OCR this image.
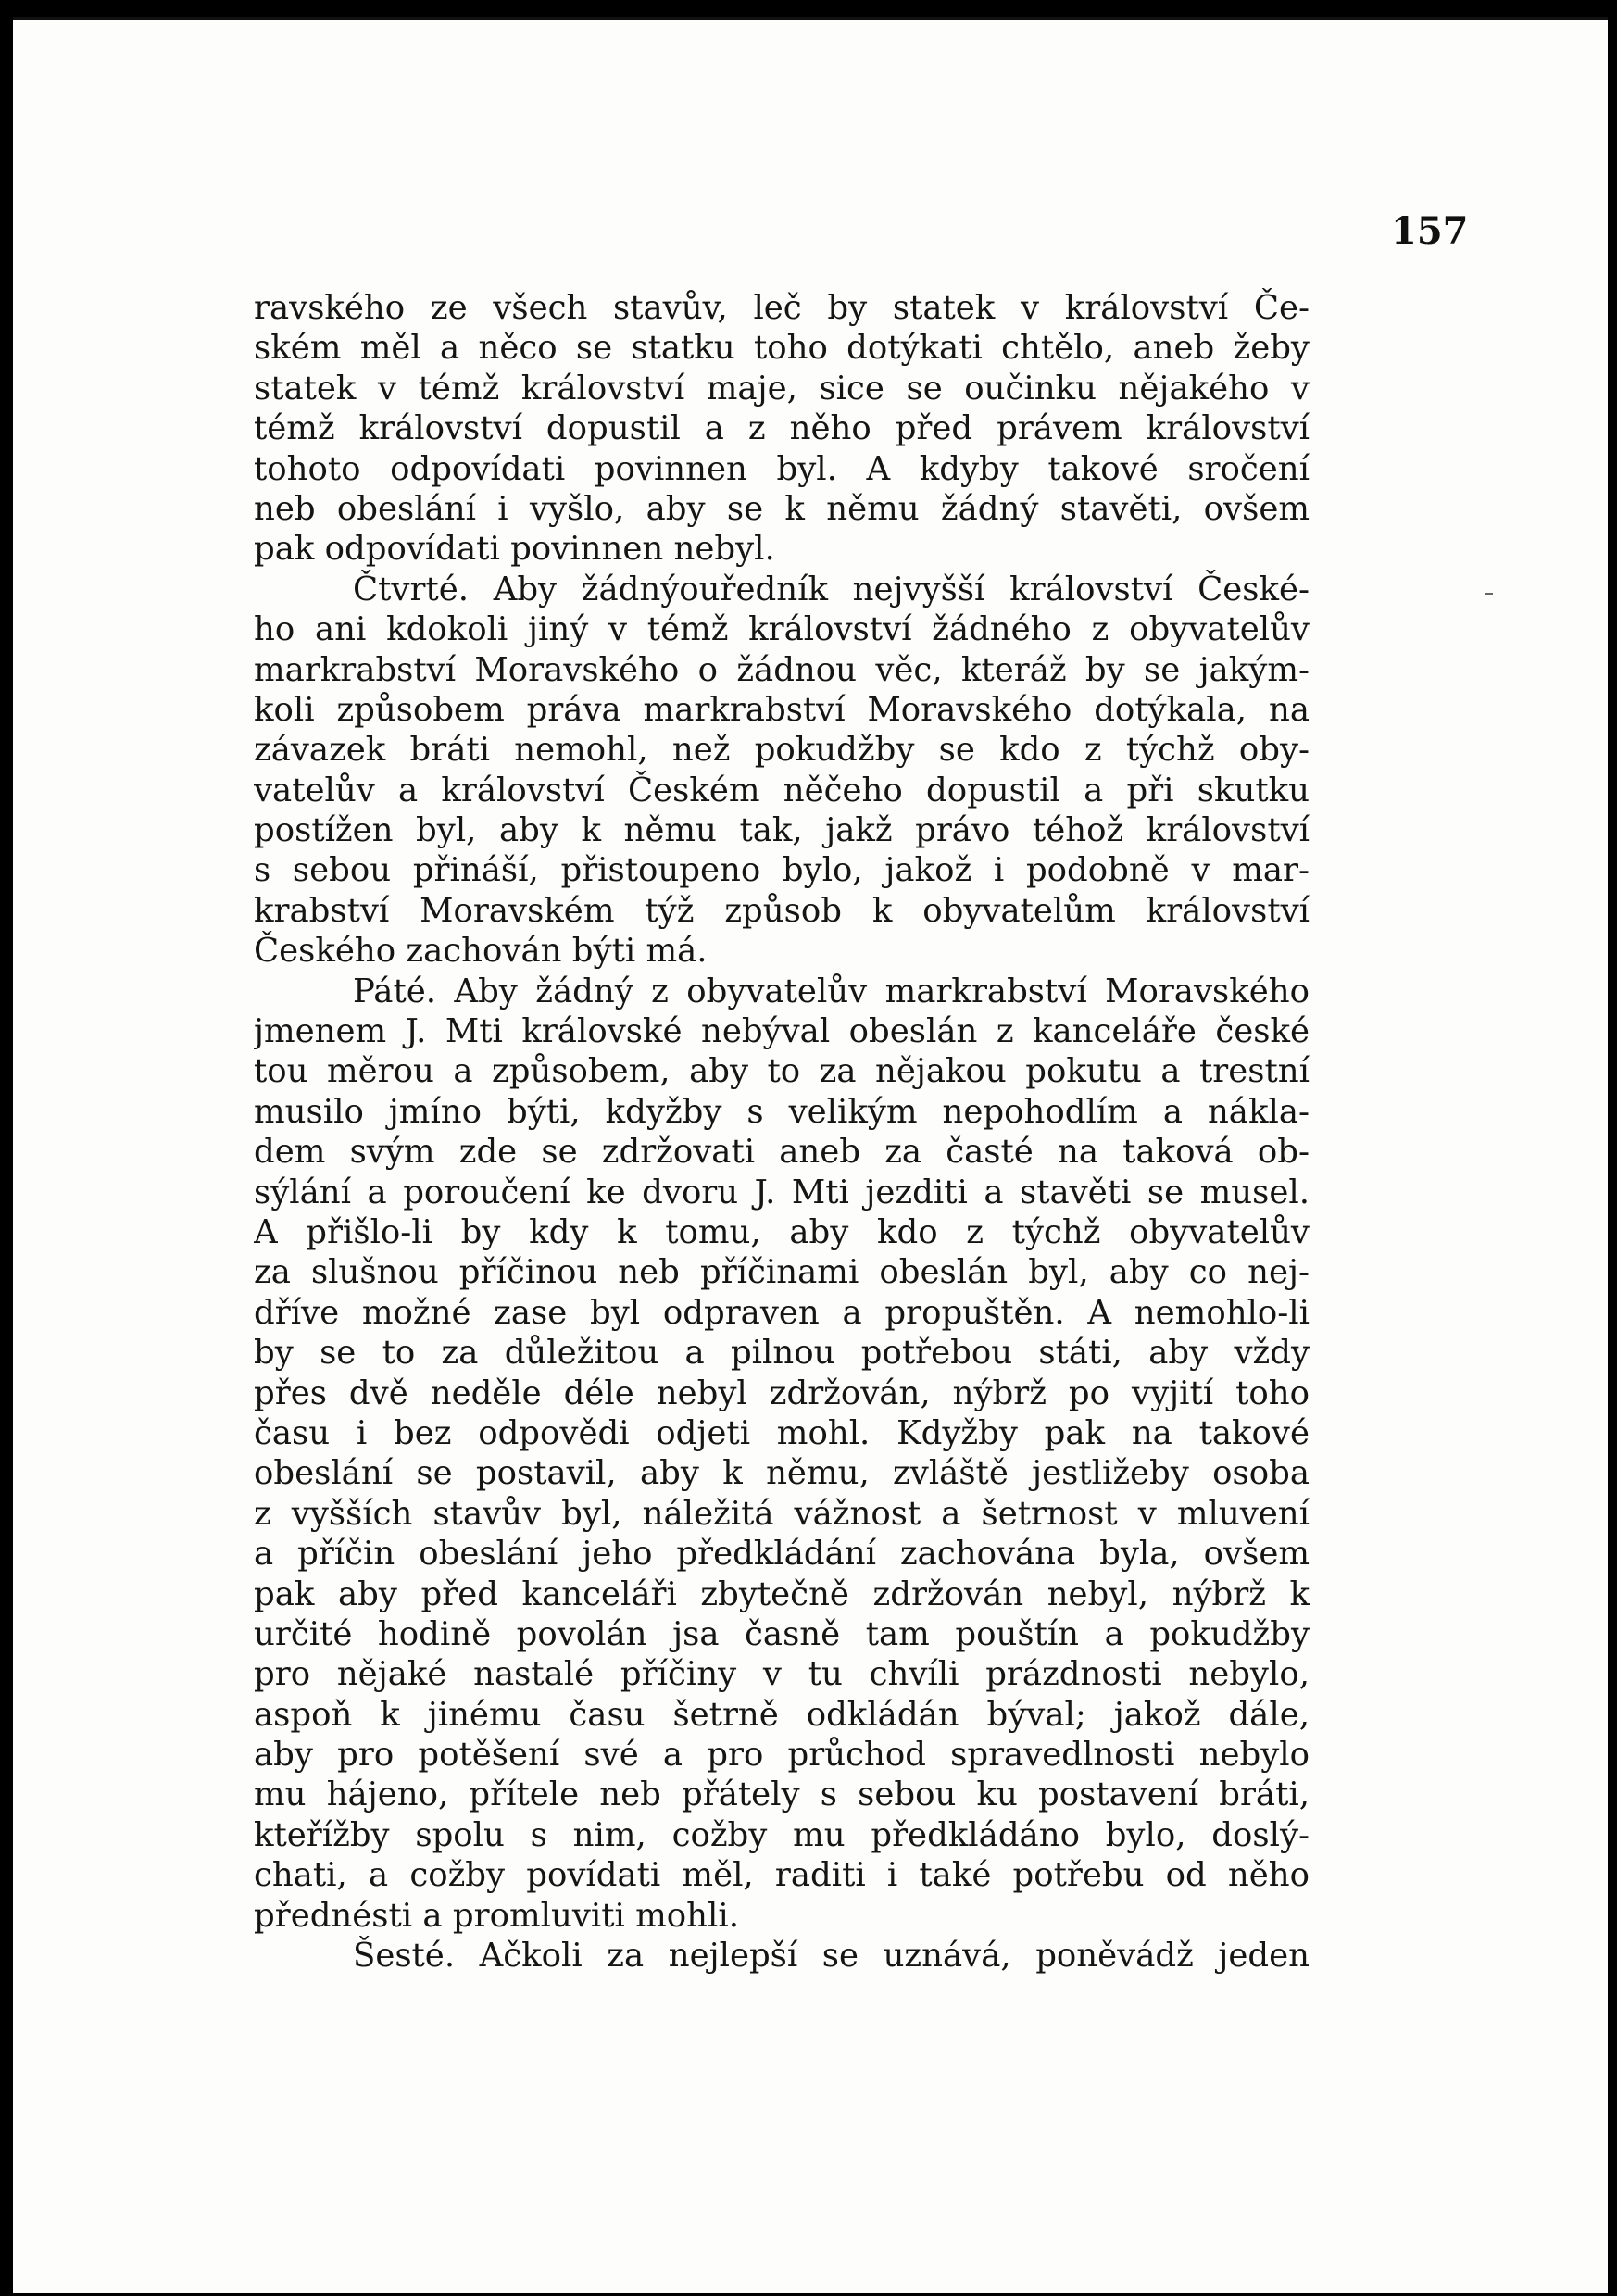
157
ravského ze všech stavův, leč by statek v království Če-
ském měl a něco se statku toho dotýkati chtělo, aneb žeby
statek v témž království maje, sice se oučinku nějakého v
témž království dopustil a z něho před právem království
tohoto odpovídati povinnen byl. A kdyby takové sročení
neb obeslání i vyšlo, aby se k němu žádný stavěti, ovšem
pak odpovídati povinnen nebyl.
Čtvrté. Aby žádnýouředník nejvyšší království České-
ho ani kdokoli jiný v témž království žádného z obyvatelův
markrabství Moravského o žádnou věc, kteráž by se jakým-
koli způsobem práva markrabství Moravského dotýkala, na
závazek bráti nemohl, než pokudžby se kdo z týchž oby-
vatelův a království Českém něčeho dopustil a při skutku
postížen byl, aby k němu tak, jakž právo téhož království
s sebou přináší, přistoupeno bylo, jakož i podobně v mar-
krabství Moravském týž způsob k obyvatelům království
Českého zachován býti má.
Páté. Aby žádný z obyvatelův markrabství Moravského
jmenem J. Mti královské nebýval obeslán z kanceláře české
tou měrou a způsobem, aby to za nějakou pokutu a trestní
musilo jmíno býti, kdyžby s velikým nepohodlím a náklа-
dem svým zde se zdržovati aneb za časté na taková ob-
sýlání a poroučení ke dvoru J. Mti jezditi a stavěti se musel.
A přišlo-li by kdy k tomu, aby kdo z týchž obyvatelův
za slušnou příčinou neb příčinami obeslán byl, aby co nej-
dříve možné zase byl odpraven a propuštěn. A nemohlo-li
by se to za důležitou a pilnou potřebou státi, aby vždy
přes dvě neděle déle nebyl zdržován, nýbrž po vyjití toho
času i bez odpovědi odjeti mohl. Kdyžby pak na takové
obeslání se postavil, aby k němu, zvláště jestližeby osoba
z vyšších stavův byl, náležitá vážnost a šetrnost v mluvení
a příčin obeslání jeho předkládání zachována byla, ovšem
pak aby před kanceláři zbytečně zdržován nebyl, nýbrž k
určité hodině povolán jsa časně tam pouštín a pokudžby
pro nějaké nastalé příčiny v tu chvíli prázdnosti nebylo,
aspoň k jinému času šetrně odkládán býval; jakož dále,
aby pro potěšení své a pro průchod spravedlnosti nebylo
mu hájeno, přítele neb přátely s sebou ku postavení bráti,
kteřížby spolu s nim, cožby mu předkládáno bylo, doslý-
chati, a cožby povídati měl, raditi i také potřebu od něho
přednésti a promluviti mohli.
Šesté. Ačkoli za nejlepší se uznává, poněvádž jeden
